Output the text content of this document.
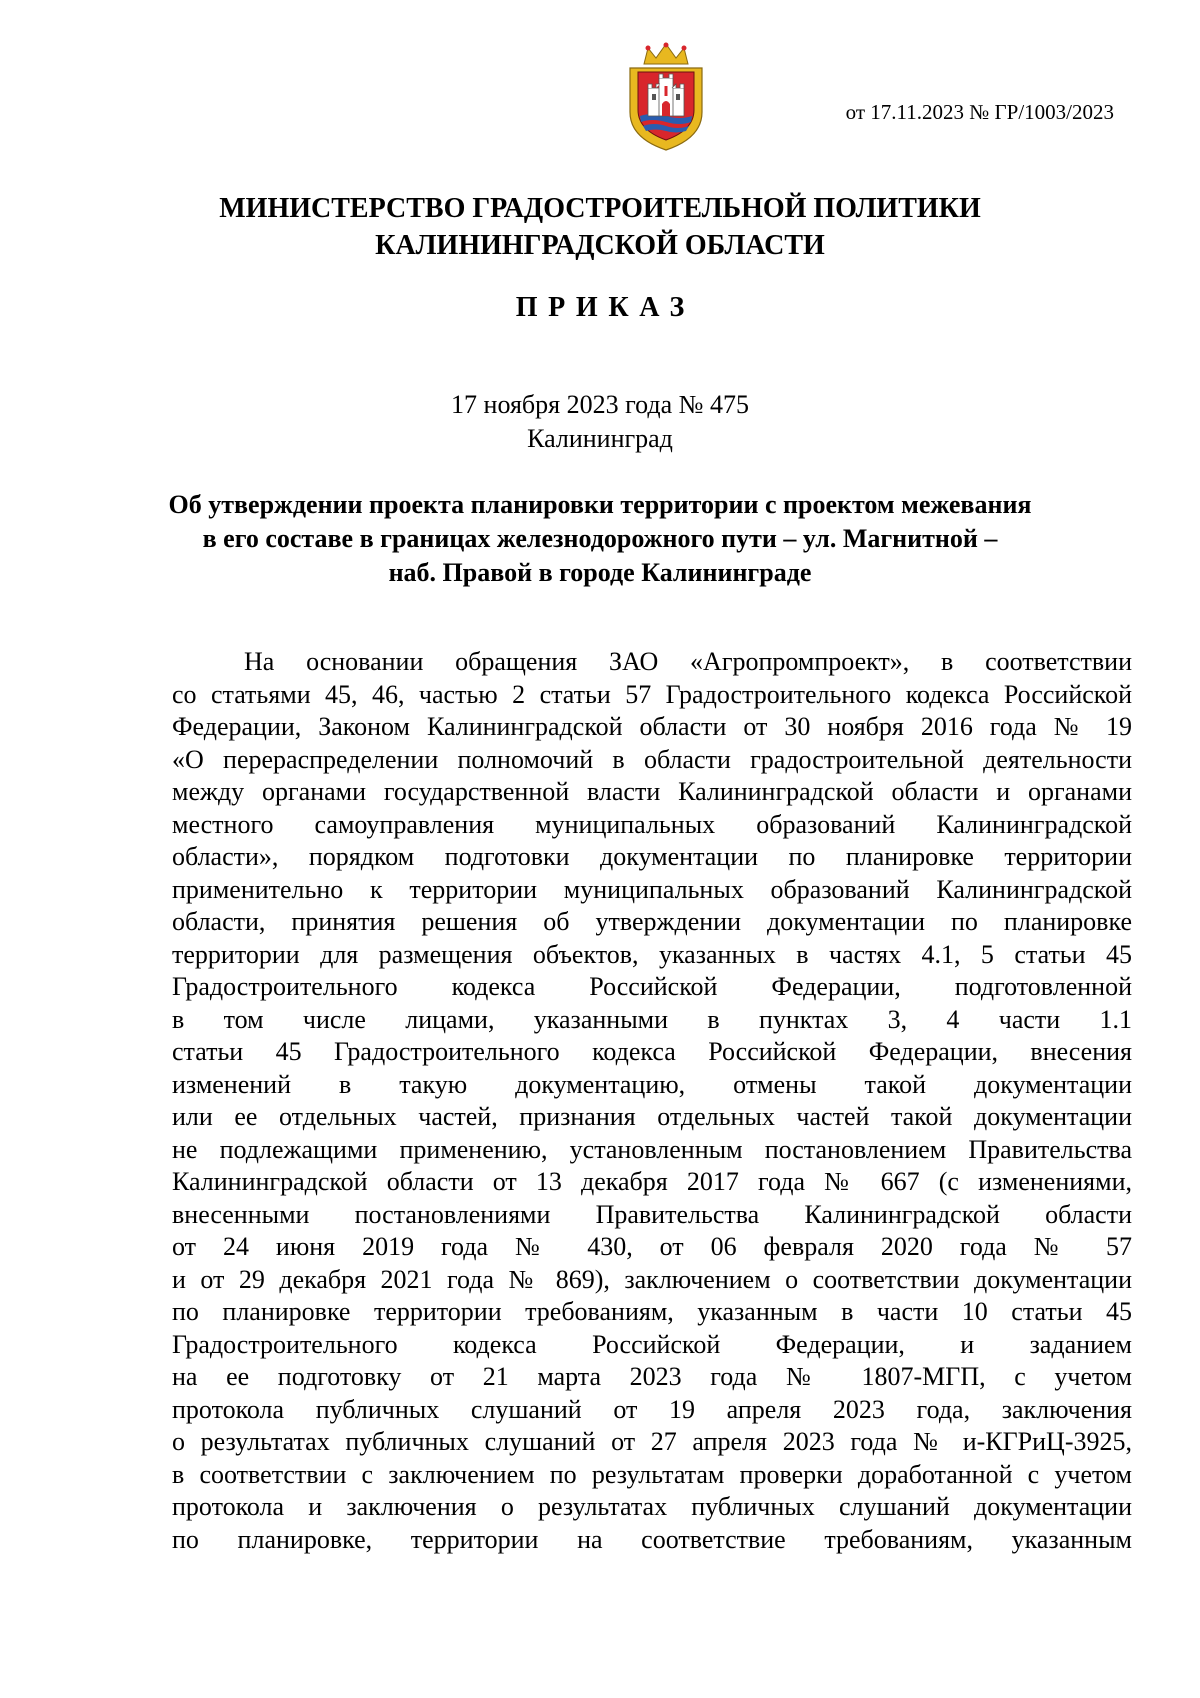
от 17.11.2023 № ГР/1003/2023
МИНИСТЕРСТВО ГРАДОСТРОИТЕЛЬНОЙ ПОЛИТИКИ
КАЛИНИНГРАДСКОЙ ОБЛАСТИ
ПРИКАЗ
17 ноября 2023 года № 475
Калининград
Об утверждении проекта планировки территории с проектом межевания
в его составе в границах железнодорожного пути – ул. Магнитной –
наб. Правой в городе Калининграде
На основании обращения ЗАО «Агропромпроект», в соответствии
со статьями 45, 46, частью 2 статьи 57 Градостроительного кодекса Российской
Федерации, Законом Калининградской области от 30 ноября 2016 года № 19
«О перераспределении полномочий в области градостроительной деятельности
между органами государственной власти Калининградской области и органами
местного самоуправления муниципальных образований Калининградской
области», порядком подготовки документации по планировке территории
применительно к территории муниципальных образований Калининградской
области, принятия решения об утверждении документации по планировке
территории для размещения объектов, указанных в частях 4.1, 5 статьи 45
Градостроительного кодекса Российской Федерации, подготовленной
в том числе лицами, указанными в пунктах 3, 4 части 1.1
статьи 45 Градостроительного кодекса Российской Федерации, внесения
изменений в такую документацию, отмены такой документации
или ее отдельных частей, признания отдельных частей такой документации
не подлежащими применению, установленным постановлением Правительства
Калининградской области от 13 декабря 2017 года № 667 (с изменениями,
внесенными постановлениями Правительства Калининградской области
от 24 июня 2019 года № 430, от 06 февраля 2020 года № 57
и от 29 декабря 2021 года № 869), заключением о соответствии документации
по планировке территории требованиям, указанным в части 10 статьи 45
Градостроительного кодекса Российской Федерации, и заданием
на ее подготовку от 21 марта 2023 года № 1807-МГП, с учетом
протокола публичных слушаний от 19 апреля 2023 года, заключения
о результатах публичных слушаний от 27 апреля 2023 года № и-КГРиЦ-3925,
в соответствии с заключением по результатам проверки доработанной с учетом
протокола и заключения о результатах публичных слушаний документации
по планировке, территории на соответствие требованиям, указанным
